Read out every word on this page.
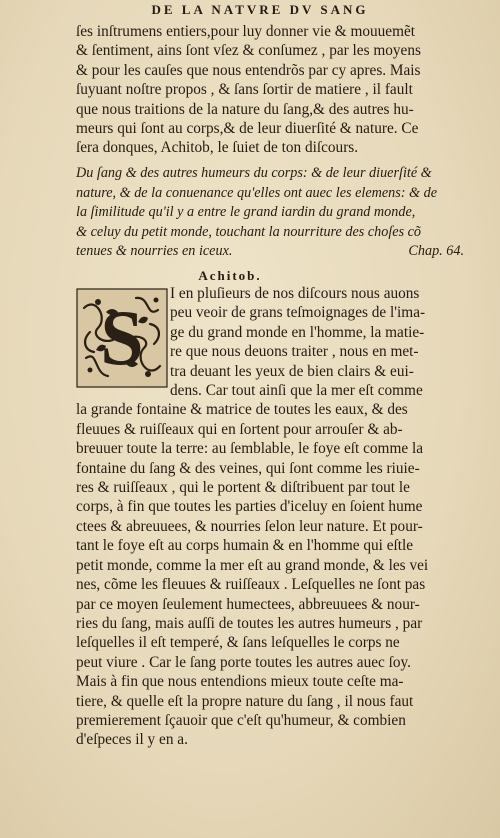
DE LA NATVRE DV SANG
ſes inſtrumens entiers,pour luy donner vie & mouuemẽt
& ſentiment, ains ſont vſez & conſumez , par les moyens
& pour les cauſes que nous entendrõs par cy apres. Mais
ſuyuant noſtre propos , & ſans ſortir de matiere , il fault
que nous traitions de la nature du ſang,& des autres hu-
meurs qui ſont au corps,& de leur diuerſité & nature. Ce
ſera donques, Achitob, le ſuiet de ton diſcours.
Du ſang & des autres humeurs du corps: & de leur diuerſité &
nature, & de la conuenance qu'elles ont auec les elemens: & de
la ſimilitude qu'il y a entre le grand iardin du grand monde,
& celuy du petit monde, touchant la nourriture des choſes cõ
tenues & nourries en iceux.	Chap. 64.
Achitob.
S
I en pluſieurs de nos diſcours nous auons
peu veoir de grans teſmoignages de l'ima-
ge du grand monde en l'homme, la matie-
re que nous deuons traiter , nous en met-
tra deuant les yeux de bien clairs & eui-
dens. Car tout ainſi que la mer eſt comme
la grande fontaine & matrice de toutes les eaux, & des
fleuues & ruiſſeaux qui en ſortent pour arrouſer & ab-
breuuer toute la terre: au ſemblable, le foye eſt comme la
fontaine du ſang & des veines, qui ſont comme les riuie-
res & ruiſſeaux , qui le portent & diſtribuent par tout le
corps, à fin que toutes les parties d'iceluy en ſoient hume
ctees & abreuuees, & nourries ſelon leur nature. Et pour-
tant le foye eſt au corps humain & en l'homme qui eſtle
petit monde, comme la mer eſt au grand monde, & les vei
nes, cõme les fleuues & ruiſſeaux . Leſquelles ne ſont pas
par ce moyen ſeulement humectees, abbreuuees & nour-
ries du ſang, mais auſſi de toutes les autres humeurs , par
leſquelles il eſt temperé, & ſans leſquelles le corps ne
peut viure . Car le ſang porte toutes les autres auec ſoy.
Mais à fin que nous entendions mieux toute ceſte ma-
tiere, & quelle eſt la propre nature du ſang , il nous faut
premierement ſçauoir que c'eſt qu'humeur, & combien
d'eſpeces il y en a.
